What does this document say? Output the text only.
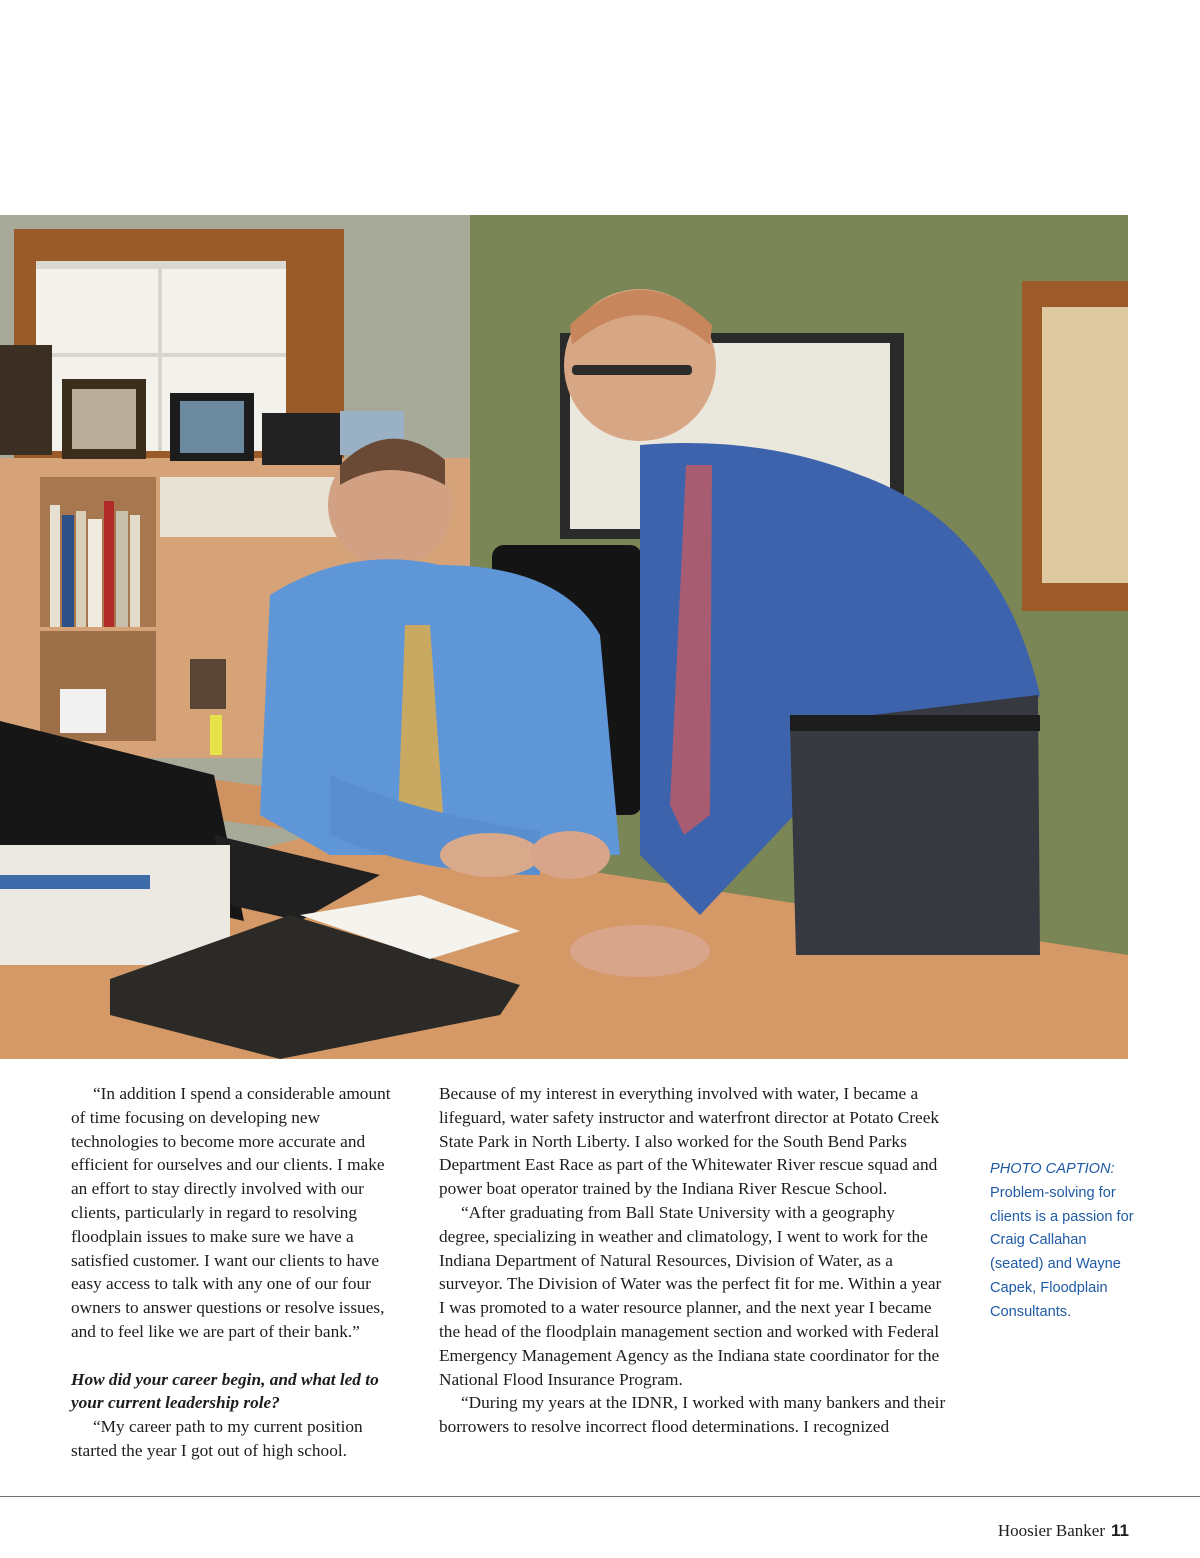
“In addition I spend a considerable amount of time focusing on developing new technologies to become more accurate and efficient for ourselves and our clients. I make an effort to stay directly involved with our clients, particularly in regard to resolving floodplain issues to make sure we have a satisfied customer. I want our clients to have easy access to talk with any one of our four owners to answer questions or resolve issues, and to feel like we are part of their bank.”

How did your career begin, and what led to your current leadership role?

“My career path to my current position started the year I got out of high school.

Because of my interest in everything involved with water, I became a lifeguard, water safety instructor and waterfront director at Potato Creek State Park in North Liberty. I also worked for the South Bend Parks Department East Race as part of the Whitewater River rescue squad and power boat operator trained by the Indiana River Rescue School.

“After graduating from Ball State University with a geography degree, specializing in weather and climatology, I went to work for the Indiana Department of Natural Resources, Division of Water, as a surveyor. The Division of Water was the perfect fit for me. Within a year I was promoted to a water resource planner, and the next year I became the head of the floodplain management section and worked with Federal Emergency Management Agency as the Indiana state coordinator for the National Flood Insurance Program.

“During my years at the IDNR, I worked with many bankers and their borrowers to resolve incorrect flood determinations. I recognized

PHOTO CAPTION:
Problem-solving for clients is a passion for Craig Callahan (seated) and Wayne Capek, Floodplain Consultants.
Hoosier Banker 11
